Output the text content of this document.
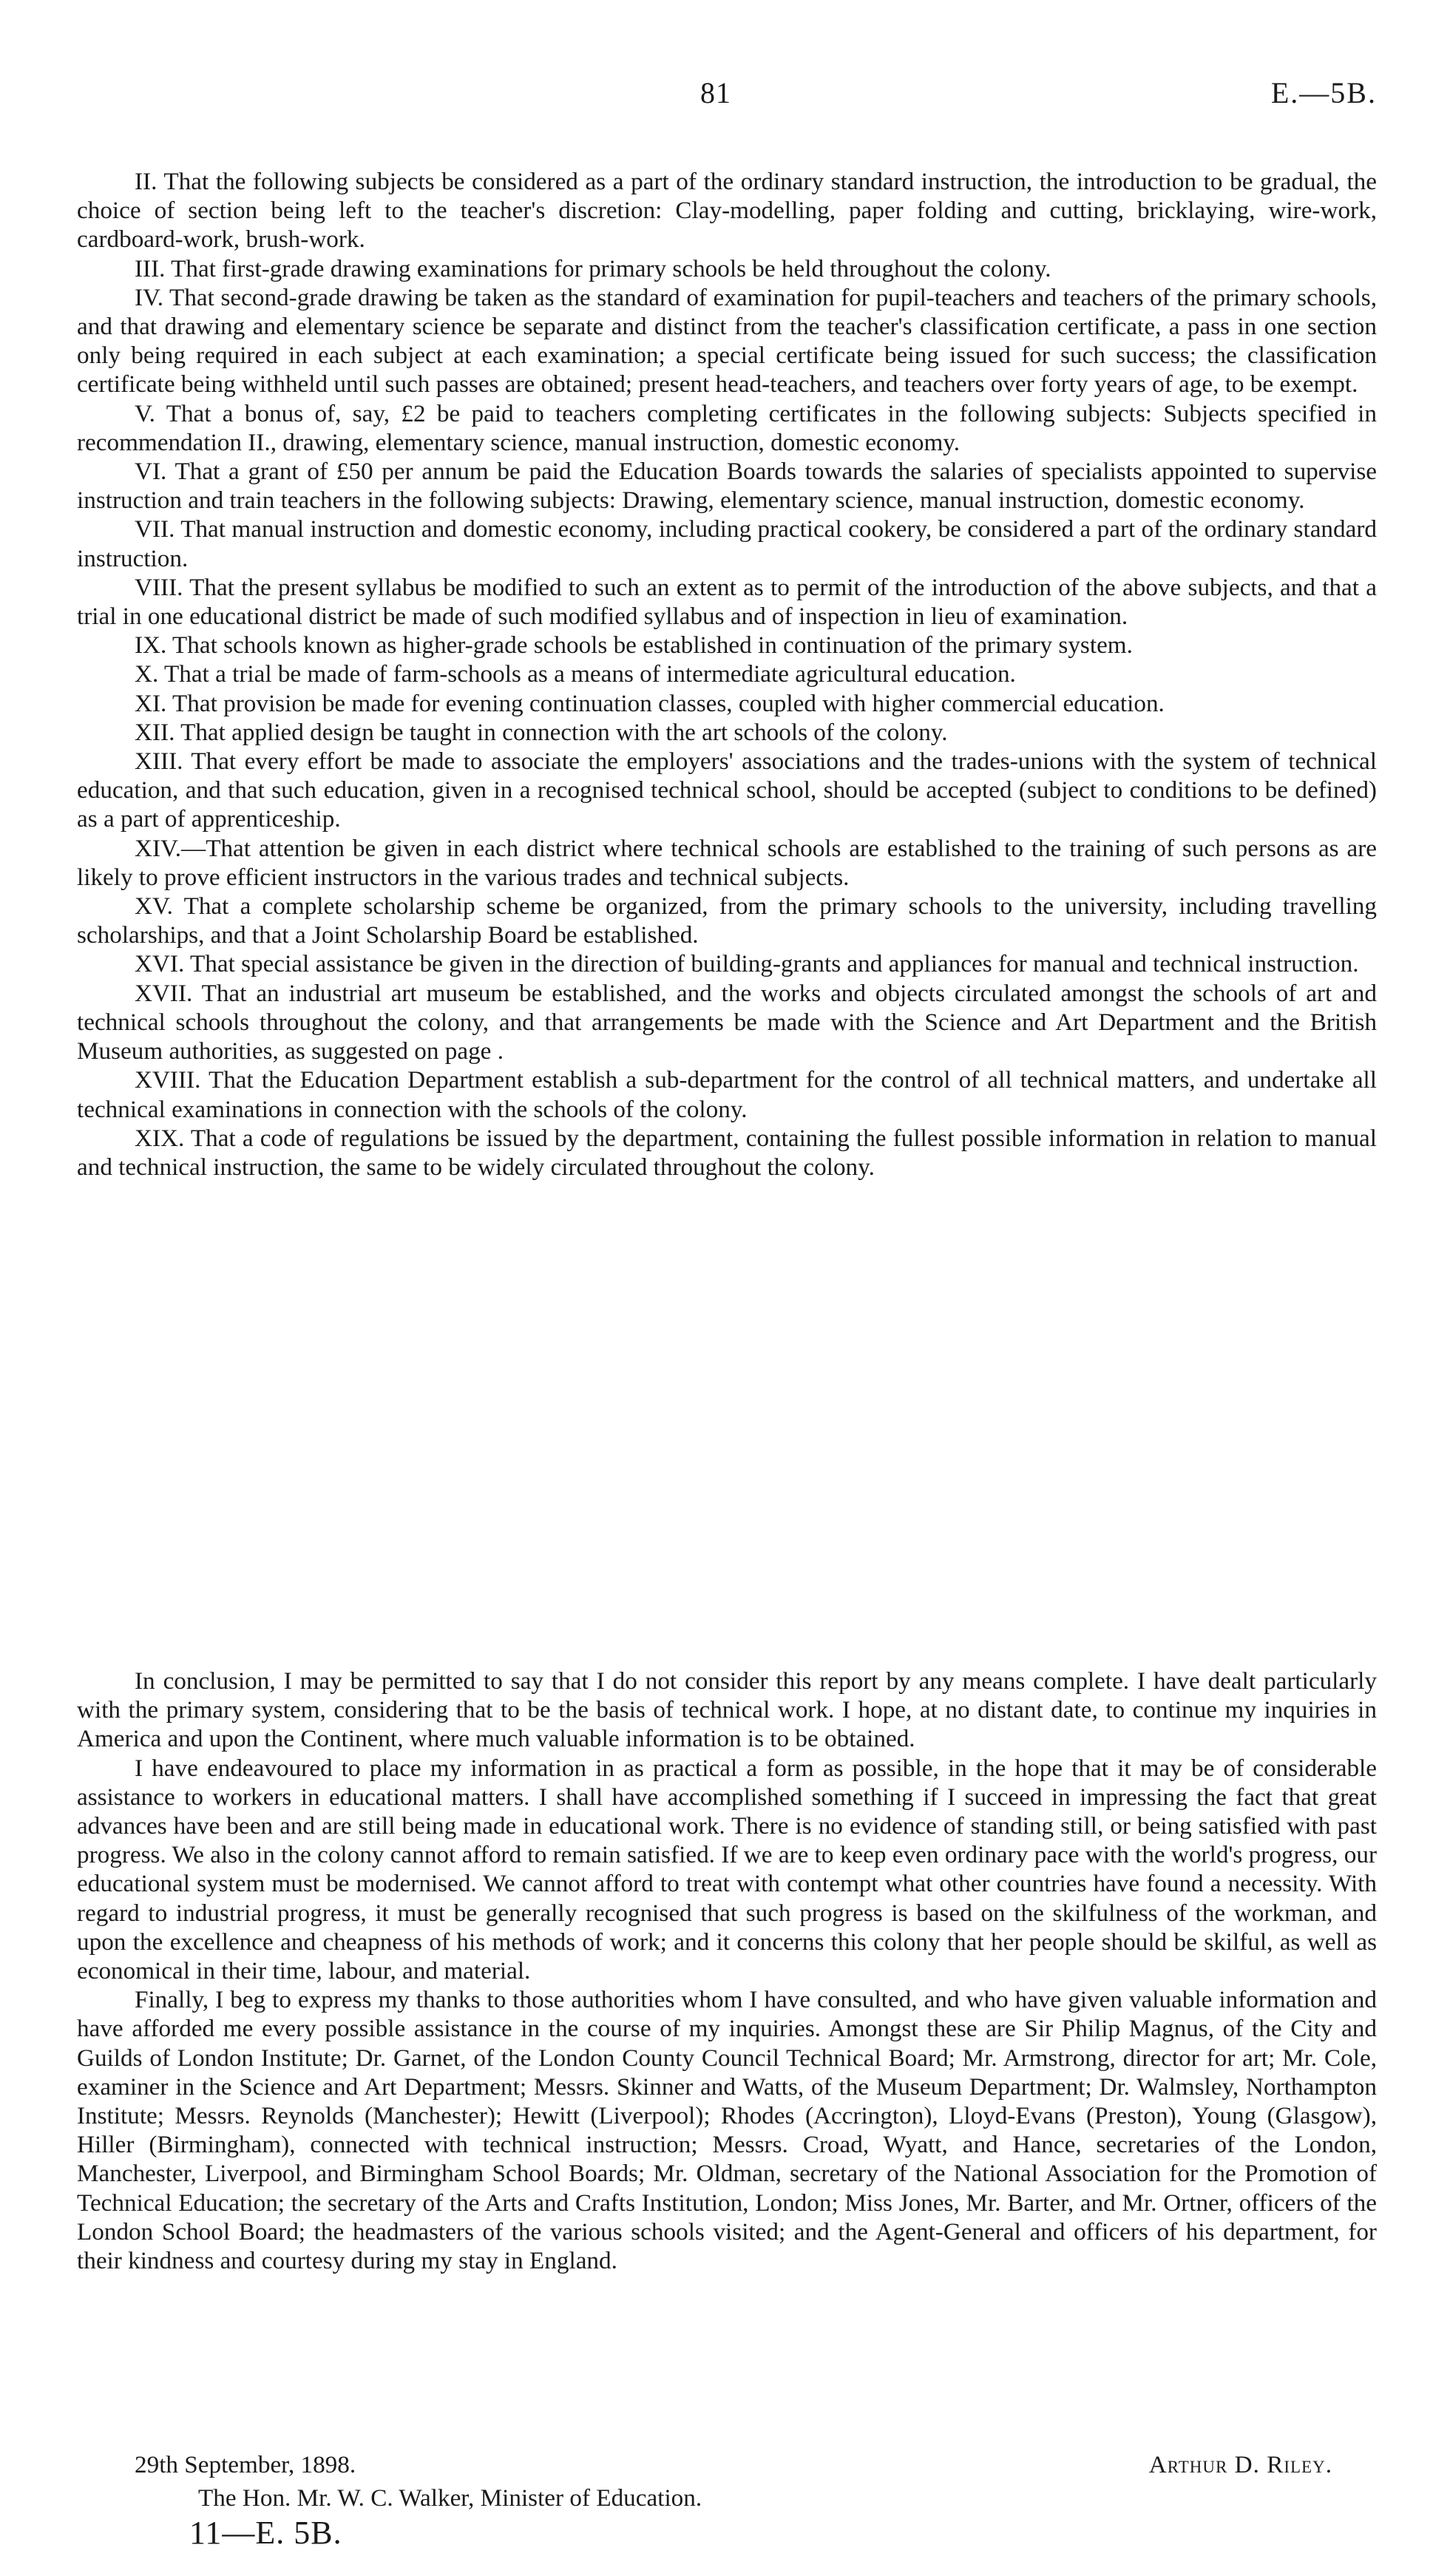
81	E.—5B.

II. That the following subjects be considered as a part of the ordinary standard instruction, the introduction to be gradual, the choice of section being left to the teacher's discretion: Clay-modelling, paper folding and cutting, bricklaying, wire-work, cardboard-work, brush-work.

III. That first-grade drawing examinations for primary schools be held throughout the colony.

IV. That second-grade drawing be taken as the standard of examination for pupil-teachers and teachers of the primary schools, and that drawing and elementary science be separate and distinct from the teacher's classification certificate, a pass in one section only being required in each subject at each examination; a special certificate being issued for such success; the classification certificate being withheld until such passes are obtained; present head-teachers, and teachers over forty years of age, to be exempt.

V. That a bonus of, say, £2 be paid to teachers completing certificates in the following subjects: Subjects specified in recommendation II., drawing, elementary science, manual instruction, domestic economy.

VI. That a grant of £50 per annum be paid the Education Boards towards the salaries of specialists appointed to supervise instruction and train teachers in the following subjects: Drawing, elementary science, manual instruction, domestic economy.

VII. That manual instruction and domestic economy, including practical cookery, be considered a part of the ordinary standard instruction.

VIII. That the present syllabus be modified to such an extent as to permit of the introduction of the above subjects, and that a trial in one educational district be made of such modified syllabus and of inspection in lieu of examination.

IX. That schools known as higher-grade schools be established in continuation of the primary system.

X. That a trial be made of farm-schools as a means of intermediate agricultural education.

XI. That provision be made for evening continuation classes, coupled with higher commercial education.

XII. That applied design be taught in connection with the art schools of the colony.

XIII. That every effort be made to associate the employers' associations and the trades-unions with the system of technical education, and that such education, given in a recognised technical school, should be accepted (subject to conditions to be defined) as a part of apprenticeship.

XIV.—That attention be given in each district where technical schools are established to the training of such persons as are likely to prove efficient instructors in the various trades and technical subjects.

XV. That a complete scholarship scheme be organized, from the primary schools to the university, including travelling scholarships, and that a Joint Scholarship Board be established.

XVI. That special assistance be given in the direction of building-grants and appliances for manual and technical instruction.

XVII. That an industrial art museum be established, and the works and objects circulated amongst the schools of art and technical schools throughout the colony, and that arrangements be made with the Science and Art Department and the British Museum authorities, as suggested on page .

XVIII. That the Education Department establish a sub-department for the control of all technical matters, and undertake all technical examinations in connection with the schools of the colony.

XIX. That a code of regulations be issued by the department, containing the fullest possible information in relation to manual and technical instruction, the same to be widely circulated throughout the colony.

In conclusion, I may be permitted to say that I do not consider this report by any means complete. I have dealt particularly with the primary system, considering that to be the basis of technical work. I hope, at no distant date, to continue my inquiries in America and upon the Continent, where much valuable information is to be obtained.

I have endeavoured to place my information in as practical a form as possible, in the hope that it may be of considerable assistance to workers in educational matters. I shall have accomplished something if I succeed in impressing the fact that great advances have been and are still being made in educational work. There is no evidence of standing still, or being satisfied with past progress. We also in the colony cannot afford to remain satisfied. If we are to keep even ordinary pace with the world's progress, our educational system must be modernised. We cannot afford to treat with contempt what other countries have found a necessity. With regard to industrial progress, it must be generally recognised that such progress is based on the skilfulness of the workman, and upon the excellence and cheapness of his methods of work; and it concerns this colony that her people should be skilful, as well as economical in their time, labour, and material.

Finally, I beg to express my thanks to those authorities whom I have consulted, and who have given valuable information and have afforded me every possible assistance in the course of my inquiries. Amongst these are Sir Philip Magnus, of the City and Guilds of London Institute; Dr. Garnet, of the London County Council Technical Board; Mr. Armstrong, director for art; Mr. Cole, examiner in the Science and Art Department; Messrs. Skinner and Watts, of the Museum Department; Dr. Walmsley, Northampton Institute; Messrs. Reynolds (Manchester); Hewitt (Liverpool); Rhodes (Accrington), Lloyd-Evans (Preston), Young (Glasgow), Hiller (Birmingham), connected with technical instruction; Messrs. Croad, Wyatt, and Hance, secretaries of the London, Manchester, Liverpool, and Birmingham School Boards; Mr. Oldman, secretary of the National Association for the Promotion of Technical Education; the secretary of the Arts and Crafts Institution, London; Miss Jones, Mr. Barter, and Mr. Ortner, officers of the London School Board; the headmasters of the various schools visited; and the Agent-General and officers of his department, for their kindness and courtesy during my stay in England.

29th September, 1898.	Arthur D. Riley.
The Hon. Mr. W. C. Walker, Minister of Education.
11—E. 5B.
